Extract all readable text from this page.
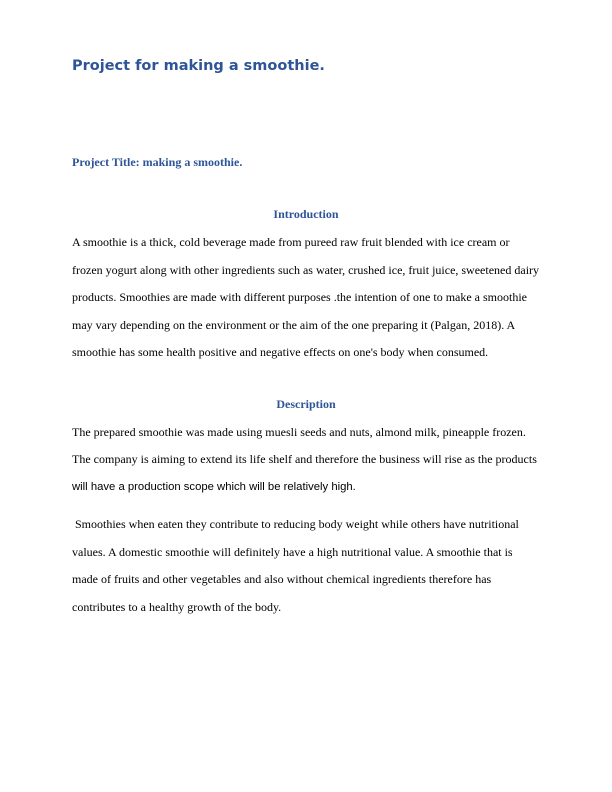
Project for making a smoothie.
Project Title: making a smoothie.
Introduction
A smoothie is a thick, cold beverage made from pureed raw fruit blended with ice cream or
frozen yogurt along with other ingredients such as water, crushed ice, fruit juice, sweetened dairy
products. Smoothies are made with different purposes .the intention of one to make a smoothie
may vary depending on the environment or the aim of the one preparing it (Palgan, 2018). A
smoothie has some health positive and negative effects on one's body when consumed.
Description
The prepared smoothie was made using muesli seeds and nuts, almond milk, pineapple frozen.
The company is aiming to extend its life shelf and therefore the business will rise as the products
will have a production scope which will be relatively high.
Smoothies when eaten they contribute to reducing body weight while others have nutritional
values. A domestic smoothie will definitely have a high nutritional value. A smoothie that is
made of fruits and other vegetables and also without chemical ingredients therefore has
contributes to a healthy growth of the body.
